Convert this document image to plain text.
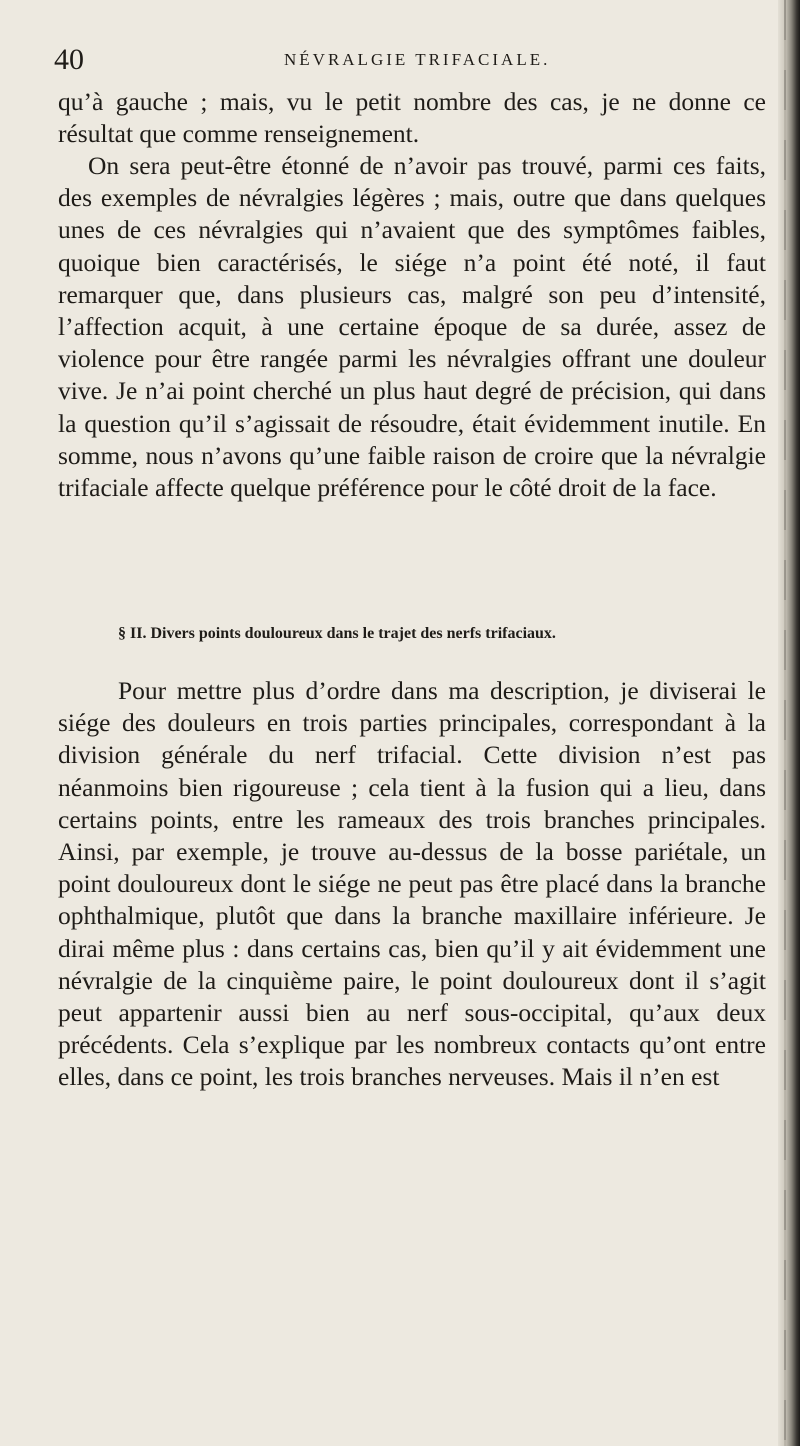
40	NÉVRALGIE TRIFACIALE.

qu’à gauche ; mais, vu le petit nombre des cas, je ne donne ce résultat que comme renseignement.

On sera peut-être étonné de n’avoir pas trouvé, parmi ces faits, des exemples de névralgies légères ; mais, outre que dans quelques unes de ces névralgies qui n’avaient que des symptômes faibles, quoique bien caractérisés, le siége n’a point été noté, il faut remarquer que, dans plusieurs cas, malgré son peu d’intensité, l’affection acquit, à une certaine époque de sa durée, assez de violence pour être rangée parmi les névralgies offrant une douleur vive. Je n’ai point cherché un plus haut degré de précision, qui dans la question qu’il s’agissait de résoudre, était évidemment inutile. En somme, nous n’avons qu’une faible raison de croire que la névralgie trifaciale affecte quelque préférence pour le côté droit de la face.

§ II. Divers points douloureux dans le trajet des nerfs trifaciaux.

Pour mettre plus d’ordre dans ma description, je diviserai le siége des douleurs en trois parties principales, correspondant à la division générale du nerf trifacial. Cette division n’est pas néanmoins bien rigoureuse ; cela tient à la fusion qui a lieu, dans certains points, entre les rameaux des trois branches principales. Ainsi, par exemple, je trouve au-dessus de la bosse pariétale, un point douloureux dont le siége ne peut pas être placé dans la branche ophthalmique, plutôt que dans la branche maxillaire inférieure. Je dirai même plus : dans certains cas, bien qu’il y ait évidemment une névralgie de la cinquième paire, le point douloureux dont il s’agit peut appartenir aussi bien au nerf sous-occipital, qu’aux deux précédents. Cela s’explique par les nombreux contacts qu’ont entre elles, dans ce point, les trois branches nerveuses. Mais il n’en est
